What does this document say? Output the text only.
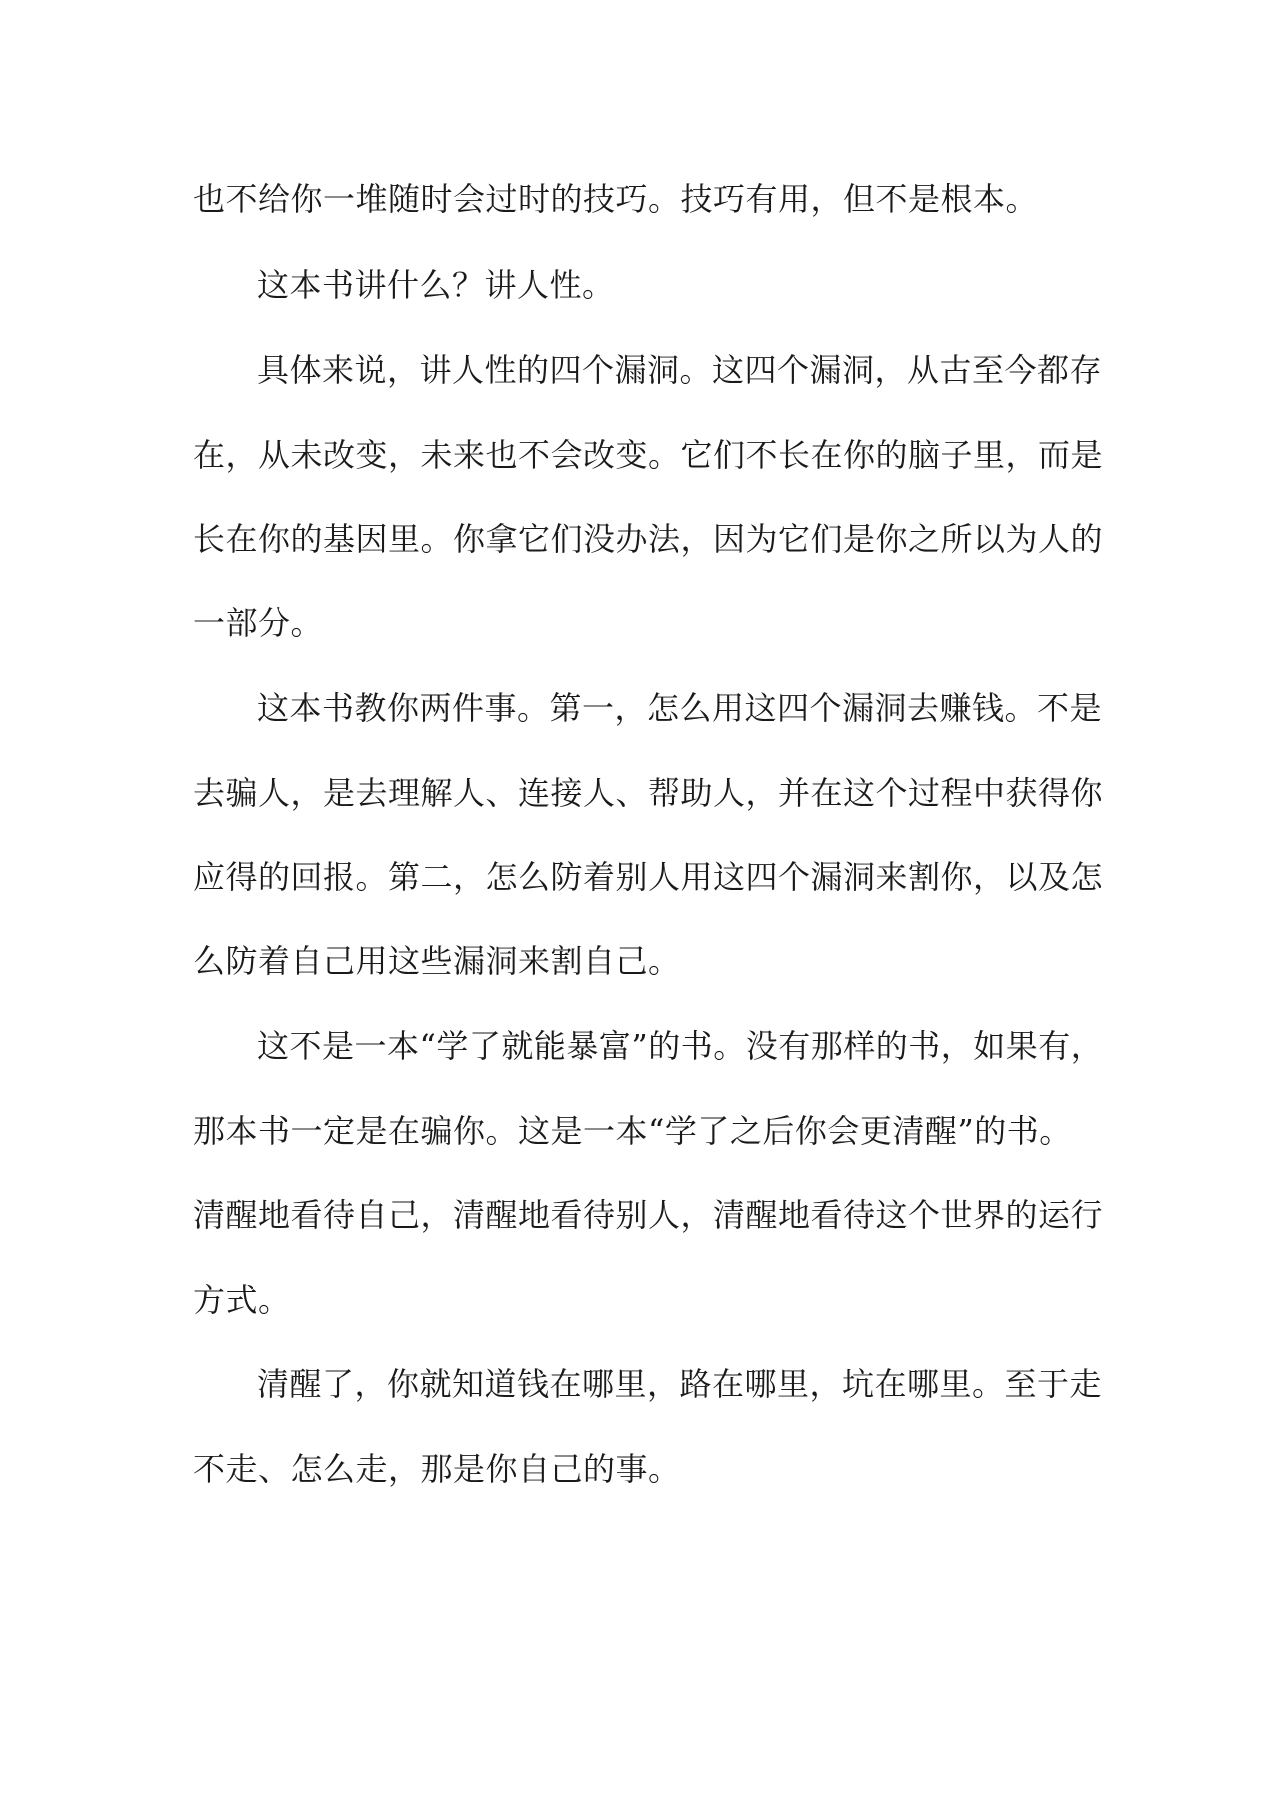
也不给你一堆随时会过时的技巧。技巧有用，但不是根本。

这本书讲什么？讲人性。

具体来说，讲人性的四个漏洞。这四个漏洞，从古至今都存

在，从未改变，未来也不会改变。它们不长在你的脑子里，而是

长在你的基因里。你拿它们没办法，因为它们是你之所以为人的

一部分。

这本书教你两件事。第一，怎么用这四个漏洞去赚钱。不是

去骗人，是去理解人、连接人、帮助人，并在这个过程中获得你

应得的回报。第二，怎么防着别人用这四个漏洞来割你，以及怎

么防着自己用这些漏洞来割自己。

这不是一本“学了就能暴富”的书。没有那样的书，如果有，

那本书一定是在骗你。这是一本“学了之后你会更清醒”的书。

清醒地看待自己，清醒地看待别人，清醒地看待这个世界的运行

方式。

清醒了，你就知道钱在哪里，路在哪里，坑在哪里。至于走

不走、怎么走，那是你自己的事。
